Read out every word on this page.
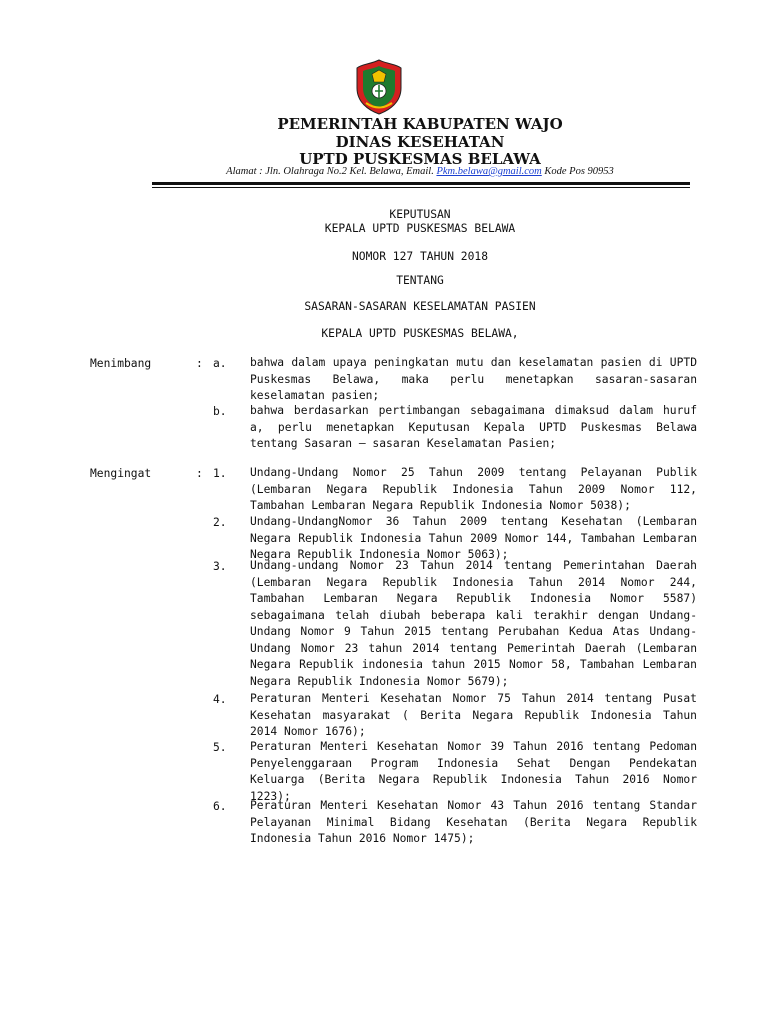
PEMERINTAH KABUPATEN WAJO
DINAS KESEHATAN
UPTD PUSKESMAS BELAWA
Alamat : Jln. Olahraga No.2 Kel. Belawa, Email. Pkm.belawa@gmail.com Kode Pos 90953
KEPUTUSAN
KEPALA UPTD PUSKESMAS BELAWA
NOMOR 127 TAHUN 2018
TENTANG
SASARAN-SASARAN KESELAMATAN PASIEN
KEPALA UPTD PUSKESMAS BELAWA,
Menimbang	: a.	bahwa dalam upaya peningkatan mutu dan keselamatan pasien di UPTD Puskesmas Belawa, maka perlu menetapkan sasaran-sasaran keselamatan pasien;
b.	bahwa berdasarkan pertimbangan sebagaimana dimaksud dalam huruf a, perlu menetapkan Keputusan Kepala UPTD Puskesmas Belawa tentang Sasaran – sasaran Keselamatan Pasien;
Mengingat	: 1.	Undang-Undang Nomor 25 Tahun 2009 tentang Pelayanan Publik (Lembaran Negara Republik Indonesia Tahun 2009 Nomor 112, Tambahan Lembaran Negara Republik Indonesia Nomor 5038);
2.	Undang-UndangNomor 36 Tahun 2009 tentang Kesehatan (Lembaran Negara Republik Indonesia Tahun 2009 Nomor 144, Tambahan Lembaran Negara Republik Indonesia Nomor 5063);
3.	Undang-undang Nomor 23 Tahun 2014 tentang Pemerintahan Daerah (Lembaran Negara Republik Indonesia Tahun 2014 Nomor 244, Tambahan Lembaran Negara Republik Indonesia Nomor 5587) sebagaimana telah diubah beberapa kali terakhir dengan Undang-Undang Nomor 9 Tahun 2015 tentang Perubahan Kedua Atas Undang-Undang Nomor 23 tahun 2014 tentang Pemerintah Daerah (Lembaran Negara Republik indonesia tahun 2015 Nomor 58, Tambahan Lembaran Negara Republik Indonesia Nomor 5679);
4.	Peraturan Menteri Kesehatan Nomor 75 Tahun 2014 tentang Pusat Kesehatan masyarakat ( Berita Negara Republik Indonesia Tahun 2014 Nomor 1676);
5.	Peraturan Menteri Kesehatan Nomor 39 Tahun 2016 tentang Pedoman Penyelenggaraan Program Indonesia Sehat Dengan Pendekatan Keluarga (Berita Negara Republik Indonesia Tahun 2016 Nomor 1223);
6.	Peraturan Menteri Kesehatan Nomor 43 Tahun 2016 tentang Standar Pelayanan Minimal Bidang Kesehatan (Berita Negara Republik Indonesia Tahun 2016 Nomor 1475);
